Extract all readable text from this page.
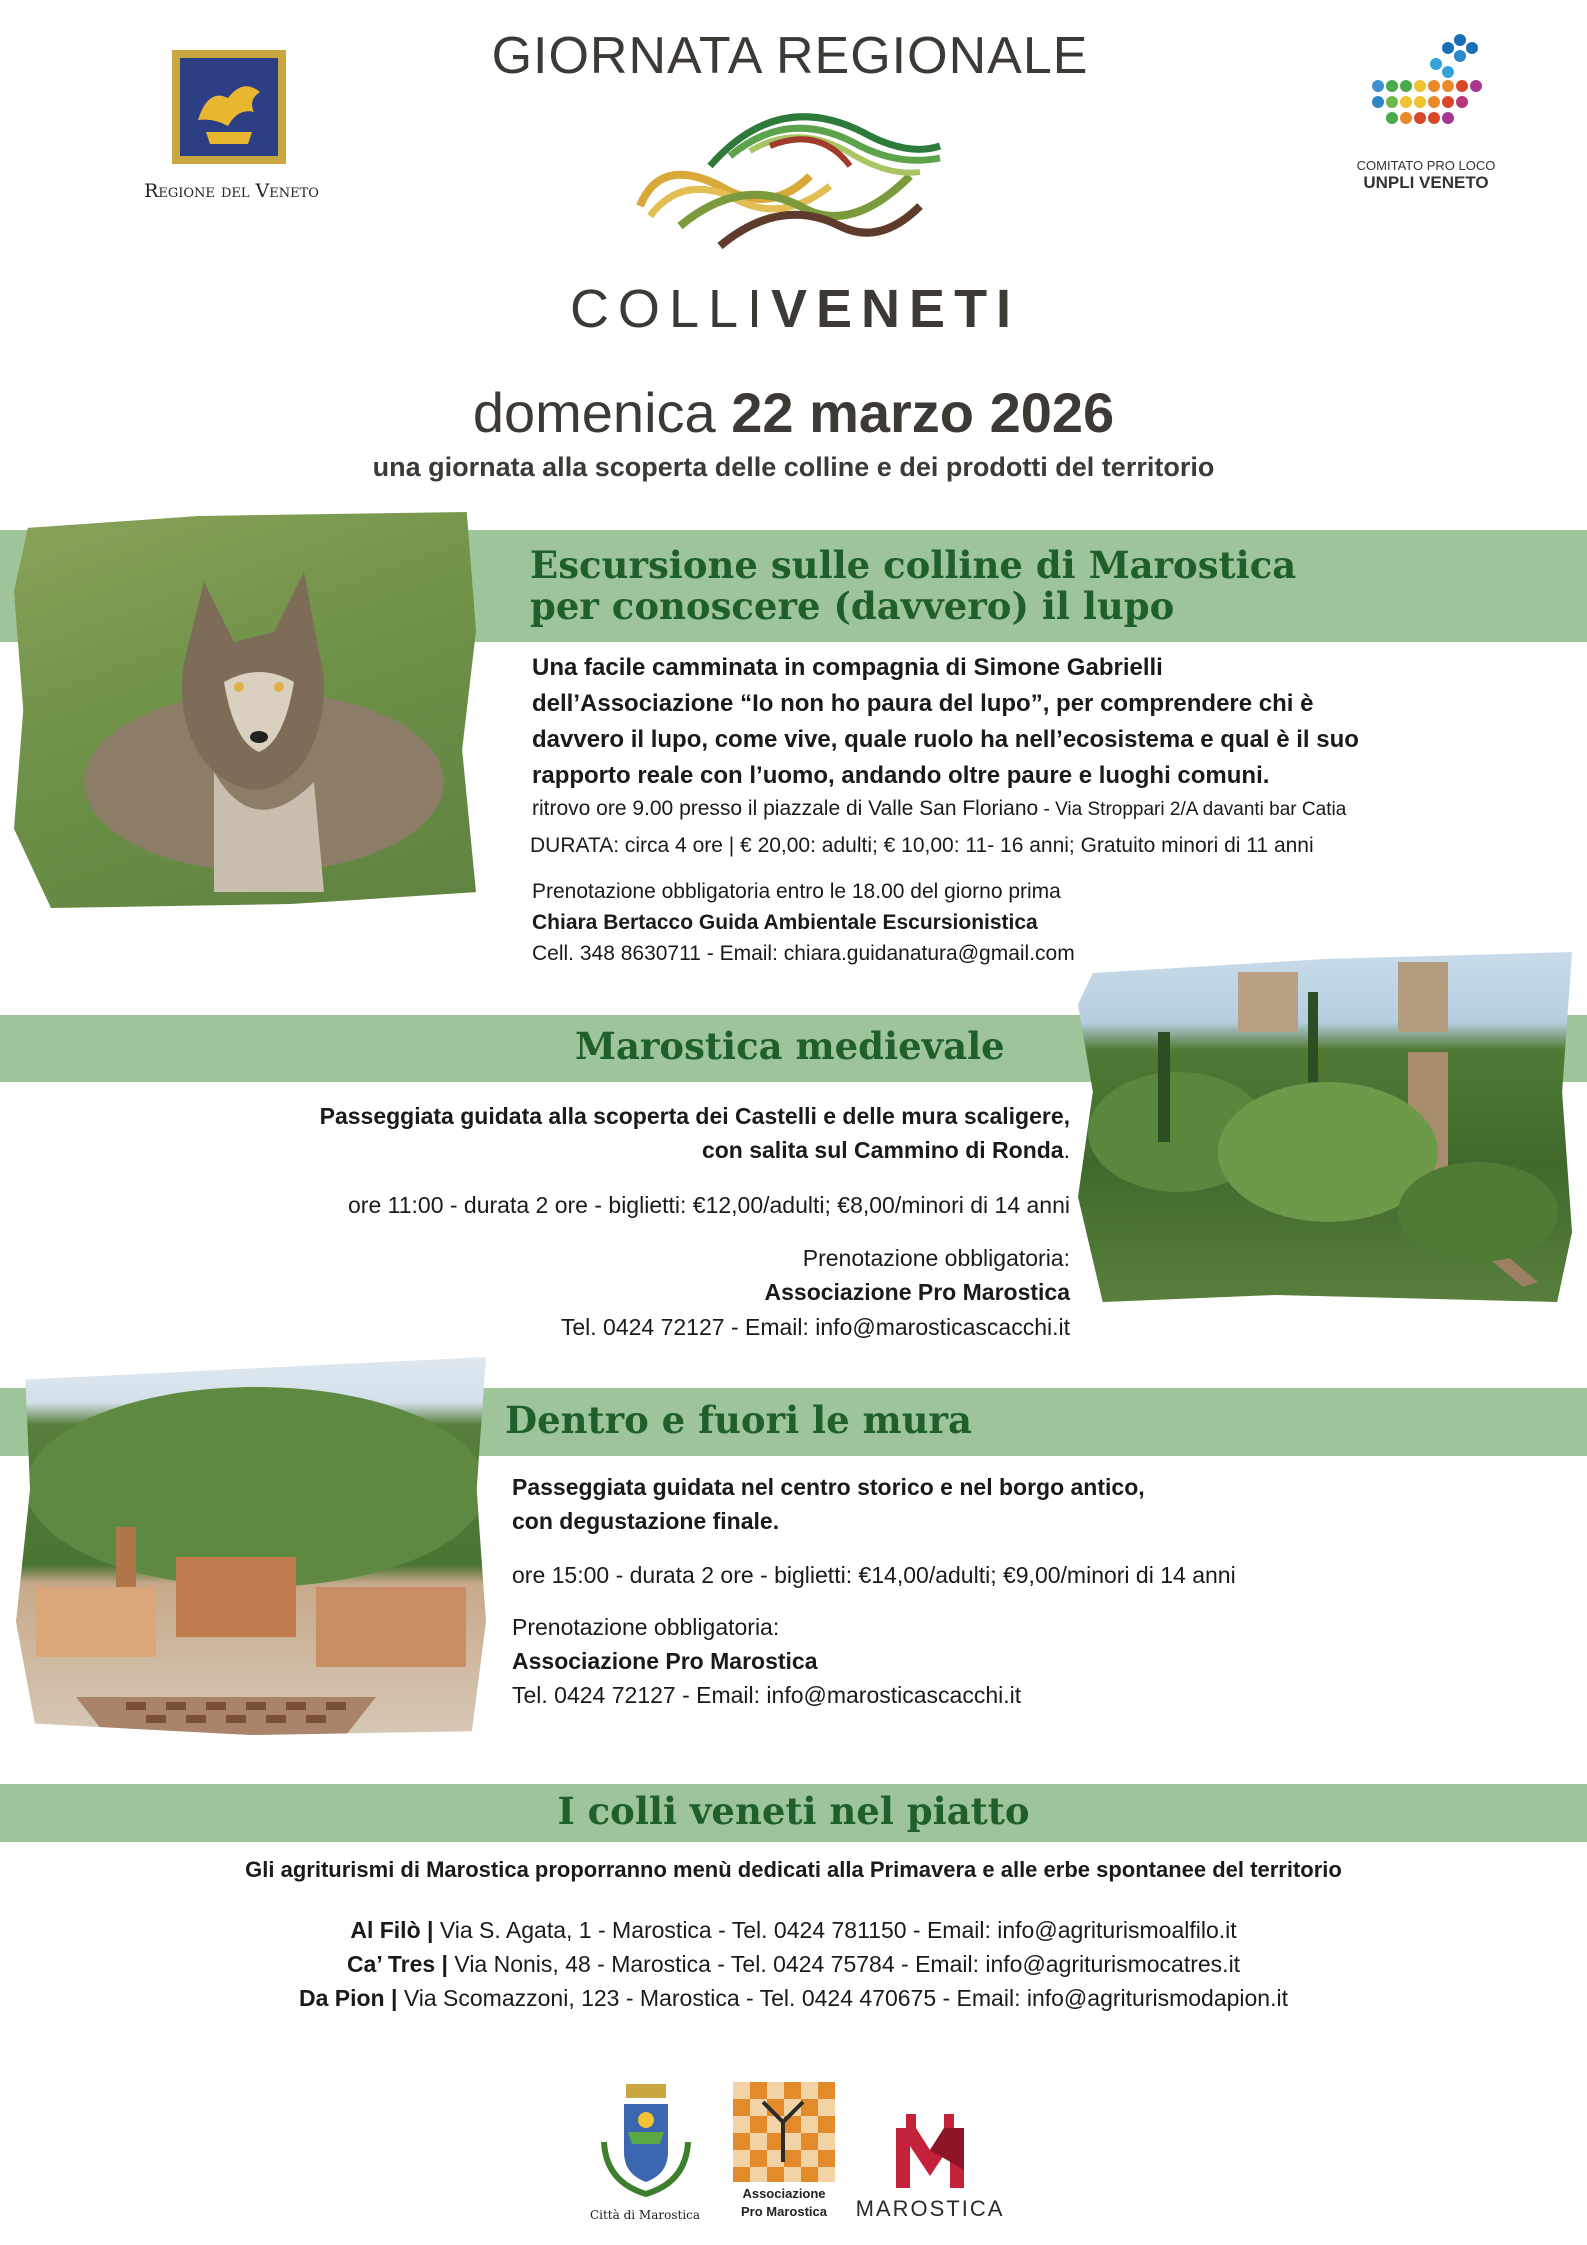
Regione del Veneto
COMITATO PRO LOCO
UNPLI VENETO
GIORNATA REGIONALE
COLLIVENETI
domenica 22 marzo 2026
una giornata alla scoperta delle colline e dei prodotti del territorio
Escursione sulle colline di Marostica
per conoscere (davvero) il lupo
Una facile camminata in compagnia di Simone Gabrielli
dell’Associazione “Io non ho paura del lupo”, per comprendere chi è
davvero il lupo, come vive, quale ruolo ha nell’ecosistema e qual è il suo
rapporto reale con l’uomo, andando oltre paure e luoghi comuni.
ritrovo ore 9.00 presso il piazzale di Valle San Floriano - Via Stroppari 2/A davanti bar Catia
DURATA: circa 4 ore | € 20,00: adulti; € 10,00: 11- 16 anni; Gratuito minori di 11 anni
Prenotazione obbligatoria entro le 18.00 del giorno prima
Chiara Bertacco Guida Ambientale Escursionistica
Cell. 348 8630711 - Email: chiara.guidanatura@gmail.com
Marostica medievale
Passeggiata guidata alla scoperta dei Castelli e delle mura scaligere,
con salita sul Cammino di Ronda.
ore 11:00 - durata 2 ore - biglietti: €12,00/adulti; €8,00/minori di 14 anni
Prenotazione obbligatoria:
Associazione Pro Marostica
Tel. 0424 72127 - Email: info@marosticascacchi.it
Dentro e fuori le mura
Passeggiata guidata nel centro storico e nel borgo antico,
con degustazione finale.
ore 15:00 - durata 2 ore - biglietti: €14,00/adulti; €9,00/minori di 14 anni
Prenotazione obbligatoria:
Associazione Pro Marostica
Tel. 0424 72127 - Email: info@marosticascacchi.it
I colli veneti nel piatto
Gli agriturismi di Marostica proporranno menù dedicati alla Primavera e alle erbe spontanee del territorio
Al Filò | Via S. Agata, 1 - Marostica - Tel. 0424 781150 - Email: info@agriturismoalfilo.it
Ca’ Tres | Via Nonis, 48 - Marostica - Tel. 0424 75784 - Email: info@agriturismocatres.it
Da Pion | Via Scomazzoni, 123 - Marostica - Tel. 0424 470675 - Email: info@agriturismodapion.it
Città di Marostica
Associazione
Pro Marostica	MAROSTICA
